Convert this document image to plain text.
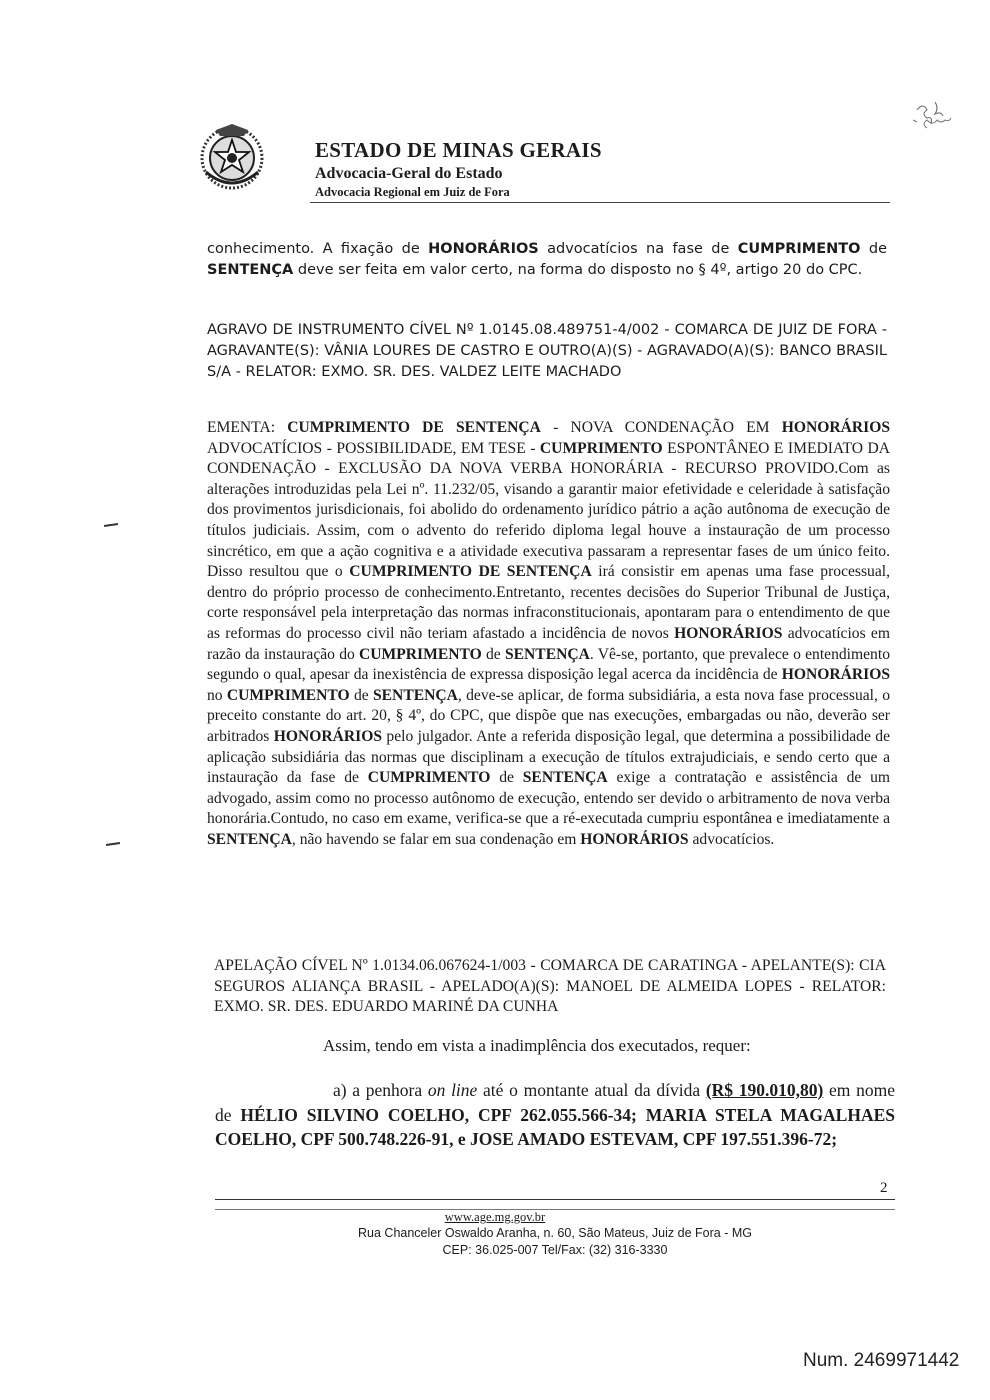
ESTADO DE MINAS GERAIS
Advocacia-Geral do Estado
Advocacia Regional em Juiz de Fora

conhecimento. A fixação de HONORÁRIOS advocatícios na fase de CUMPRIMENTO de SENTENÇA deve ser feita em valor certo, na forma do disposto no § 4º, artigo 20 do CPC.

AGRAVO DE INSTRUMENTO CÍVEL Nº 1.0145.08.489751-4/002 - COMARCA DE JUIZ DE FORA - AGRAVANTE(S): VÂNIA LOURES DE CASTRO E OUTRO(A)(S) - AGRAVADO(A)(S): BANCO BRASIL S/A - RELATOR: EXMO. SR. DES. VALDEZ LEITE MACHADO

EMENTA: CUMPRIMENTO DE SENTENÇA - NOVA CONDENAÇÃO EM HONORÁRIOS ADVOCATÍCIOS - POSSIBILIDADE, EM TESE - CUMPRIMENTO ESPONTÂNEO E IMEDIATO DA CONDENAÇÃO - EXCLUSÃO DA NOVA VERBA HONORÁRIA - RECURSO PROVIDO.Com as alterações introduzidas pela Lei nº. 11.232/05, visando a garantir maior efetividade e celeridade à satisfação dos provimentos jurisdicionais, foi abolido do ordenamento jurídico pátrio a ação autônoma de execução de títulos judiciais. Assim, com o advento do referido diploma legal houve a instauração de um processo sincrético, em que a ação cognitiva e a atividade executiva passaram a representar fases de um único feito. Disso resultou que o CUMPRIMENTO DE SENTENÇA irá consistir em apenas uma fase processual, dentro do próprio processo de conhecimento.Entretanto, recentes decisões do Superior Tribunal de Justiça, corte responsável pela interpretação das normas infraconstitucionais, apontaram para o entendimento de que as reformas do processo civil não teriam afastado a incidência de novos HONORÁRIOS advocatícios em razão da instauração do CUMPRIMENTO de SENTENÇA. Vê-se, portanto, que prevalece o entendimento segundo o qual, apesar da inexistência de expressa disposição legal acerca da incidência de HONORÁRIOS no CUMPRIMENTO de SENTENÇA, deve-se aplicar, de forma subsidiária, a esta nova fase processual, o preceito constante do art. 20, § 4º, do CPC, que dispõe que nas execuções, embargadas ou não, deverão ser arbitrados HONORÁRIOS pelo julgador. Ante a referida disposição legal, que determina a possibilidade de aplicação subsidiária das normas que disciplinam a execução de títulos extrajudiciais, e sendo certo que a instauração da fase de CUMPRIMENTO de SENTENÇA exige a contratação e assistência de um advogado, assim como no processo autônomo de execução, entendo ser devido o arbitramento de nova verba honorária.Contudo, no caso em exame, verifica-se que a ré-executada cumpriu espontânea e imediatamente a SENTENÇA, não havendo se falar em sua condenação em HONORÁRIOS advocatícios.

APELAÇÃO CÍVEL Nº 1.0134.06.067624-1/003 - COMARCA DE CARATINGA - APELANTE(S): CIA SEGUROS ALIANÇA BRASIL - APELADO(A)(S): MANOEL DE ALMEIDA LOPES - RELATOR: EXMO. SR. DES. EDUARDO MARINÉ DA CUNHA

Assim, tendo em vista a inadimplência dos executados, requer:

a) a penhora on line até o montante atual da dívida (R$ 190.010,80) em nome de HÉLIO SILVINO COELHO, CPF 262.055.566-34; MARIA STELA MAGALHAES COELHO, CPF 500.748.226-91, e JOSE AMADO ESTEVAM, CPF 197.551.396-72;

2
www.age.mg.gov.br
Rua Chanceler Oswaldo Aranha, n. 60, São Mateus, Juiz de Fora - MG
CEP: 36.025-007 Tel/Fax: (32) 316-3330
Num. 2469971442
